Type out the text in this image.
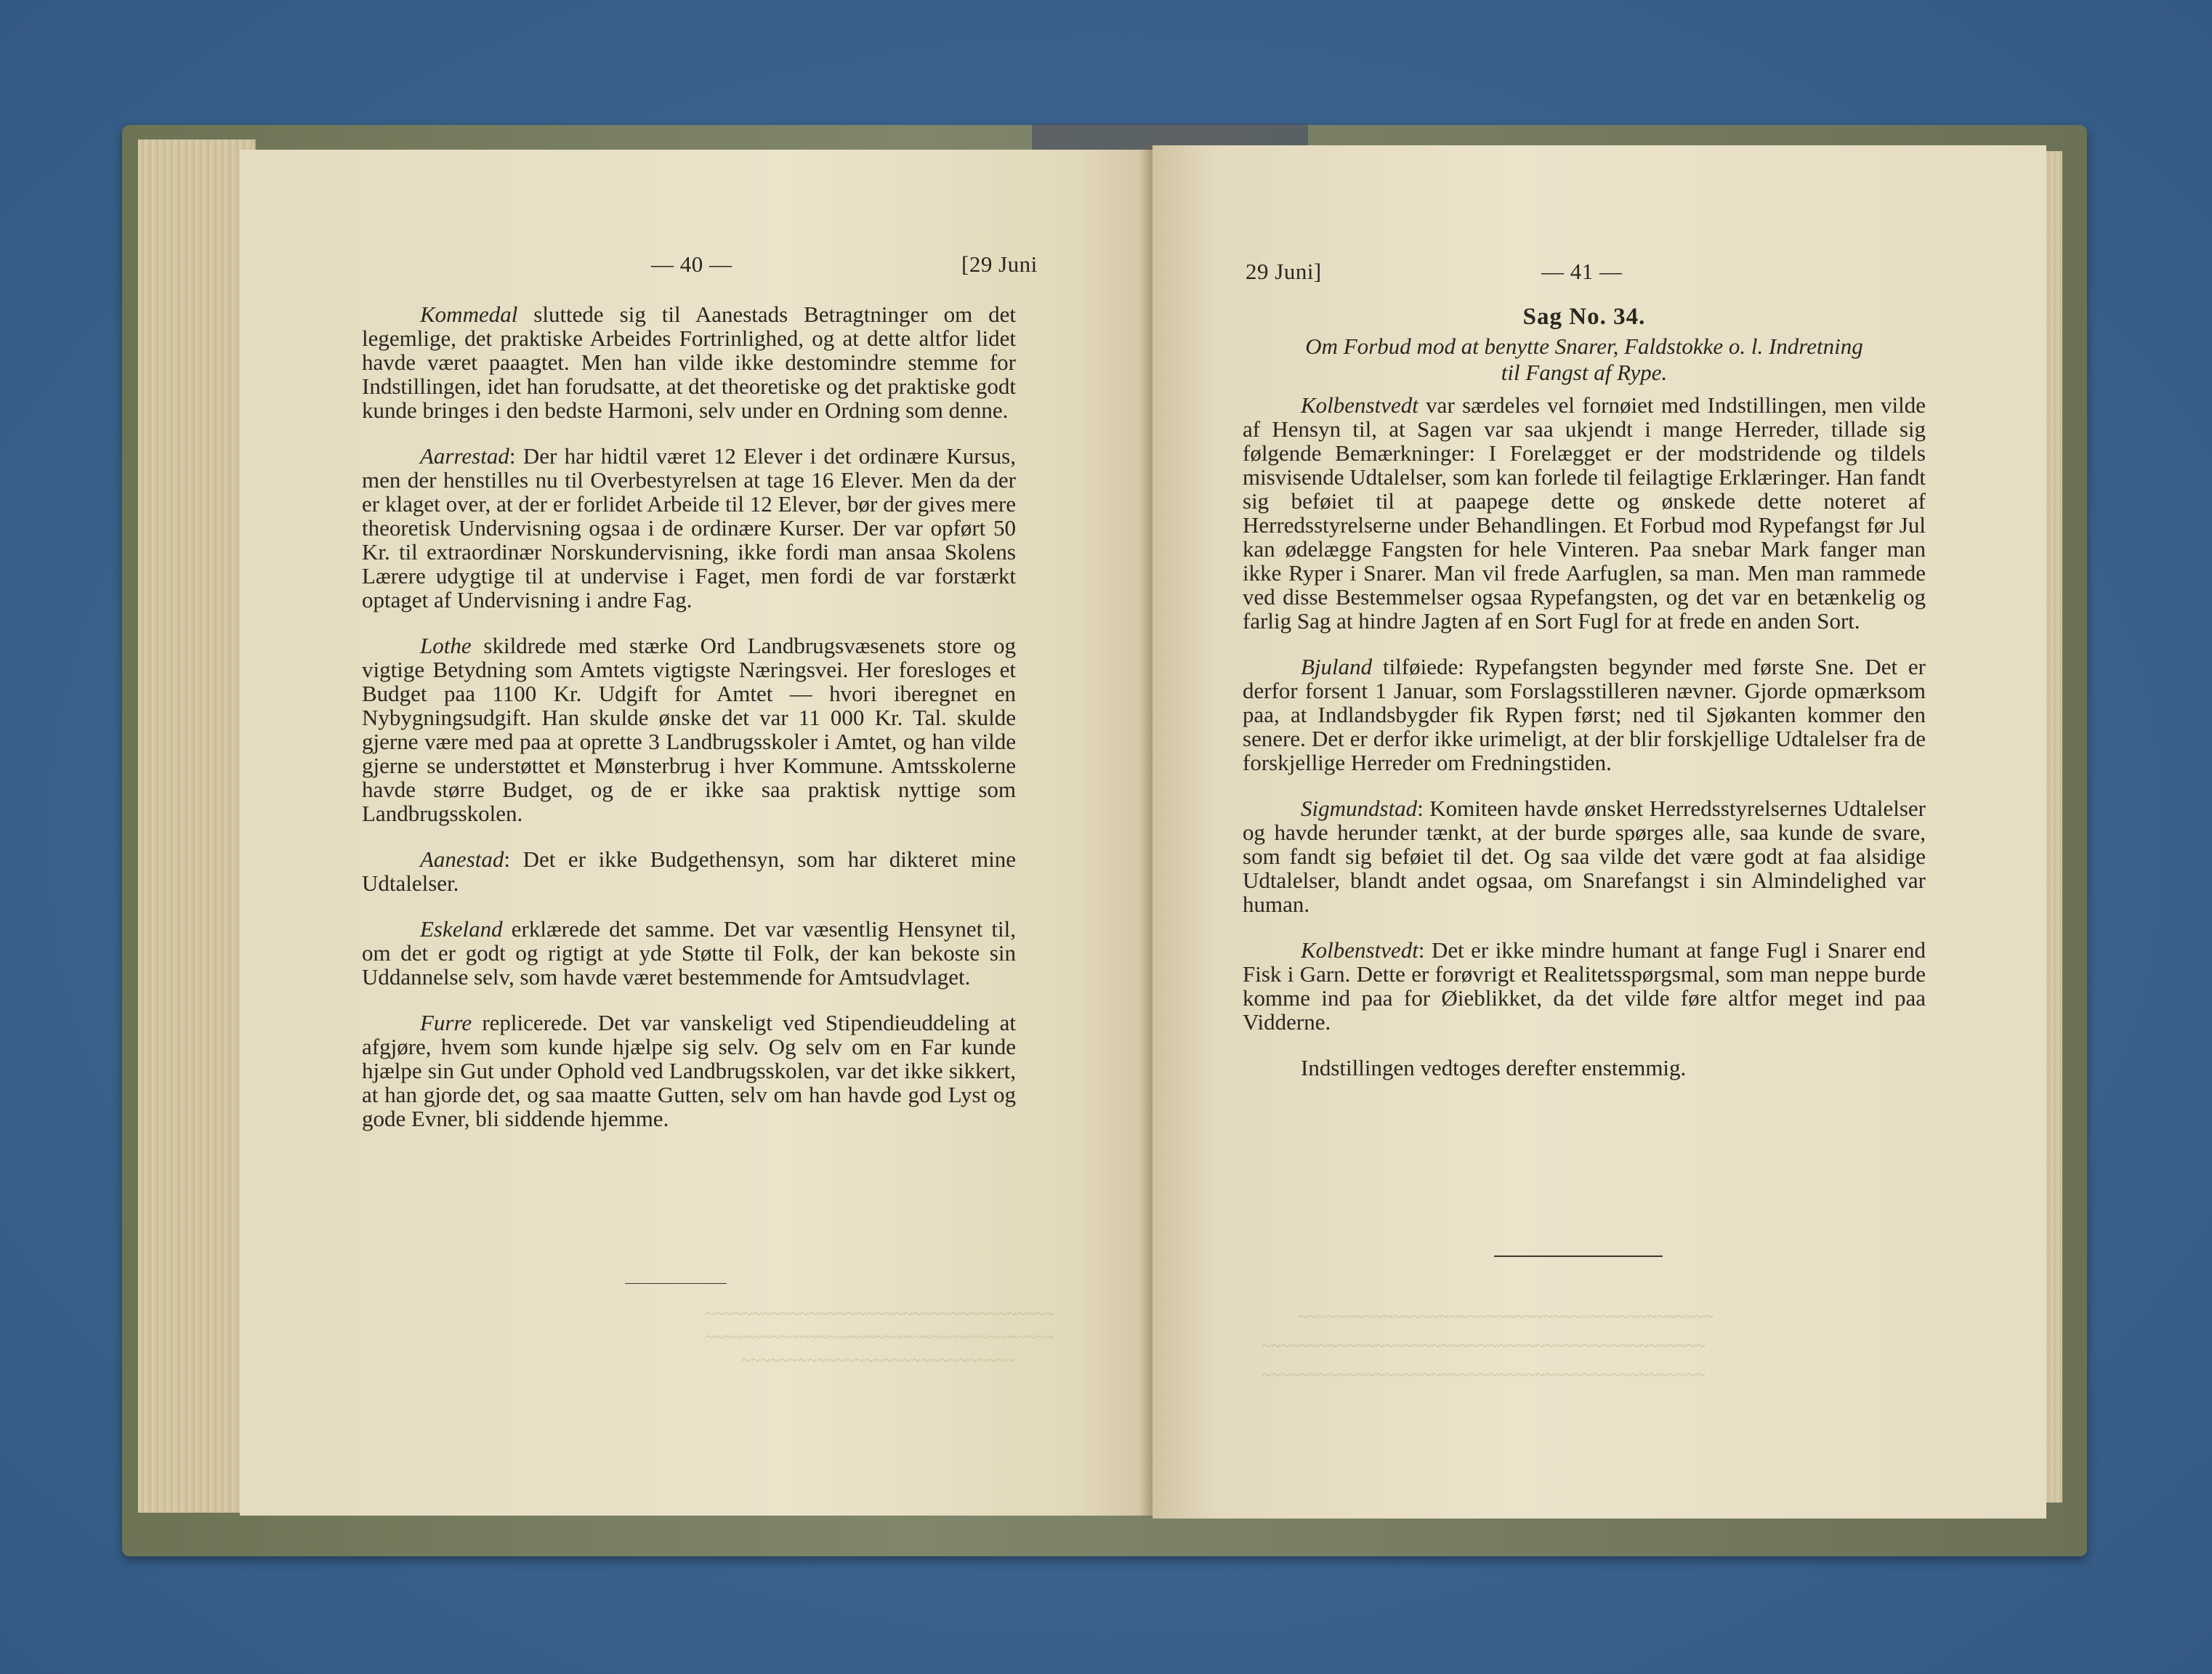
— 40 —	[29 Juni

Kommedal sluttede sig til Aanestads Betragtninger om det legemlige, det praktiske Arbeides Fortrinlighed, og at dette altfor lidet havde været paaagtet. Men han vilde ikke destomindre stemme for Indstillingen, idet han forudsatte, at det theoretiske og det praktiske godt kunde bringes i den bedste Harmoni, selv under en Ordning som denne.

Aarrestad: Der har hidtil været 12 Elever i det ordinære Kursus, men der henstilles nu til Overbestyrelsen at tage 16 Elever. Men da der er klaget over, at der er forlidet Arbeide til 12 Elever, bør der gives mere theoretisk Undervisning ogsaa i de ordinære Kurser. Der var opført 50 Kr. til extraordinær Norskundervisning, ikke fordi man ansaa Skolens Lærere udygtige til at undervise i Faget, men fordi de var forstærkt optaget af Undervisning i andre Fag.

Lothe skildrede med stærke Ord Landbrugsvæsenets store og vigtige Betydning som Amtets vigtigste Næringsvei. Her foresloges et Budget paa 1100 Kr. Udgift for Amtet — hvori iberegnet en Nybygningsudgift. Han skulde ønske det var 11 000 Kr. Tal. skulde gjerne være med paa at oprette 3 Landbrugsskoler i Amtet, og han vilde gjerne se understøttet et Mønsterbrug i hver Kommune. Amtsskolerne havde større Budget, og de er ikke saa praktisk nyttige som Landbrugsskolen.

Aanestad: Det er ikke Budgethensyn, som har dikteret mine Udtalelser.

Eskeland erklærede det samme. Det var væsentlig Hensynet til, om det er godt og rigtigt at yde Støtte til Folk, der kan bekoste sin Uddannelse selv, som havde været bestemmende for Amtsudvlaget.

Furre replicerede. Det var vanskeligt ved Stipendieuddeling at afgjøre, hvem som kunde hjælpe sig selv. Og selv om en Far kunde hjælpe sin Gut under Ophold ved Landbrugsskolen, var det ikke sikkert, at han gjorde det, og saa maatte Gutten, selv om han havde god Lyst og gode Evner, bli siddende hjemme.

~~~~~~~~~~~~~~~~~~~~~~~~~~~~~~~~~~~~~
~~~~~~~~~~~~~~~~~~~~~~~~~~~~~~~~~~~~~
~~~~~~~~~~~~~~~~~~~~~~~~~~~~~
29 Juni]	— 41 —
Sag No. 34.
Om Forbud mod at benytte Snarer, Faldstokke o. l. Indretning
til Fangst af Rype.

Kolbenstvedt var særdeles vel fornøiet med Indstillingen, men vilde af Hensyn til, at Sagen var saa ukjendt i mange Herreder, tillade sig følgende Bemærkninger: I Forelægget er der modstridende og tildels misvisende Udtalelser, som kan forlede til feilagtige Erklæringer. Han fandt sig beføiet til at paapege dette og ønskede dette noteret af Herredsstyrelserne under Behandlingen. Et Forbud mod Rypefangst før Jul kan ødelægge Fangsten for hele Vinteren. Paa snebar Mark fanger man ikke Ryper i Snarer. Man vil frede Aarfuglen, sa man. Men man rammede ved disse Bestemmelser ogsaa Rypefangsten, og det var en betænkelig og farlig Sag at hindre Jagten af en Sort Fugl for at frede en anden Sort.

Bjuland tilføiede: Rypefangsten begynder med første Sne. Det er derfor forsent 1 Januar, som Forslagsstilleren nævner. Gjorde opmærksom paa, at Indlandsbygder fik Rypen først; ned til Sjøkanten kommer den senere. Det er derfor ikke urimeligt, at der blir forskjellige Udtalelser fra de forskjellige Herreder om Fredningstiden.

Sigmundstad: Komiteen havde ønsket Herredsstyrelsernes Udtalelser og havde herunder tænkt, at der burde spørges alle, saa kunde de svare, som fandt sig beføiet til det. Og saa vilde det være godt at faa alsidige Udtalelser, blandt andet ogsaa, om Snarefangst i sin Almindelighed var human.

Kolbenstvedt: Det er ikke mindre humant at fange Fugl i Snarer end Fisk i Garn. Dette er forøvrigt et Realitetsspørgsmal, som man neppe burde komme ind paa for Øieblikket, da det vilde føre altfor meget ind paa Vidderne.

Indstillingen vedtoges derefter enstemmig.

~~~~~~~~~~~~~~~~~~~~~~~~~~~~~~~~~~~~~~~~~~~~
~~~~~~~~~~~~~~~~~~~~~~~~~~~~~~~~~~~~~~~~~~~~~~~
~~~~~~~~~~~~~~~~~~~~~~~~~~~~~~~~~~~~~~~~~~~~~~~
